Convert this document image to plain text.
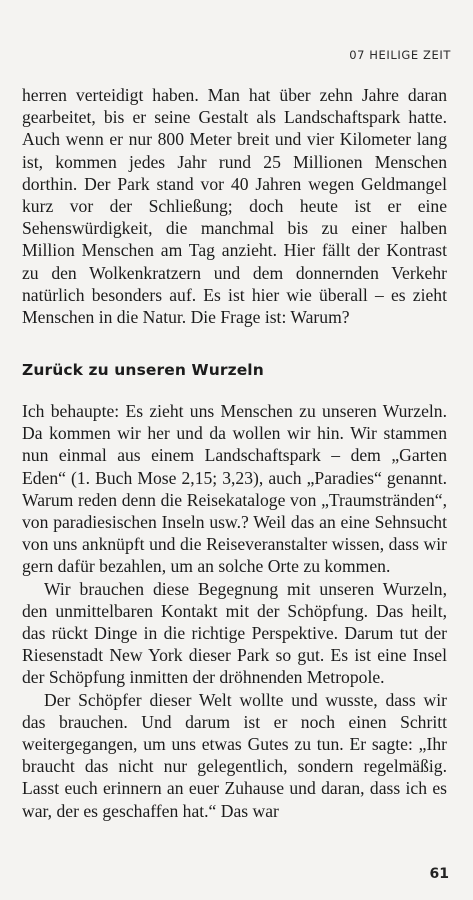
07 HEILIGE ZEIT

herren verteidigt haben. Man hat über zehn Jahre daran gearbeitet, bis er seine Gestalt als Landschaftspark hatte. Auch wenn er nur 800 Meter breit und vier Kilometer lang ist, kommen jedes Jahr rund 25 Millionen Menschen dorthin. Der Park stand vor 40 Jahren wegen Geldmangel kurz vor der Schließung; doch heute ist er eine Sehenswürdigkeit, die manchmal bis zu einer halben Million Menschen am Tag anzieht. Hier fällt der Kontrast zu den Wolkenkratzern und dem donnernden Verkehr natürlich besonders auf. Es ist hier wie überall – es zieht Menschen in die Natur. Die Frage ist: Warum?

Zurück zu unseren Wurzeln

Ich behaupte: Es zieht uns Menschen zu unseren Wurzeln. Da kommen wir her und da wollen wir hin. Wir stammen nun einmal aus einem Landschaftspark – dem „Garten Eden“ (1. Buch Mose 2,15; 3,23), auch „Paradies“ genannt. Warum reden denn die Reisekataloge von „Traumstränden“, von paradiesischen Inseln usw.? Weil das an eine Sehnsucht von uns anknüpft und die Reiseveranstalter wissen, dass wir gern dafür bezahlen, um an solche Orte zu kommen.

Wir brauchen diese Begegnung mit unseren Wurzeln, den unmittelbaren Kontakt mit der Schöpfung. Das heilt, das rückt Dinge in die richtige Perspektive. Darum tut der Riesenstadt New York dieser Park so gut. Es ist eine Insel der Schöpfung inmitten der dröhnenden Metropole.

Der Schöpfer dieser Welt wollte und wusste, dass wir das brauchen. Und darum ist er noch einen Schritt weitergegangen, um uns etwas Gutes zu tun. Er sagte: „Ihr braucht das nicht nur gelegentlich, sondern regelmäßig. Lasst euch erinnern an euer Zuhause und daran, dass ich es war, der es geschaffen hat.“ Das war

61
